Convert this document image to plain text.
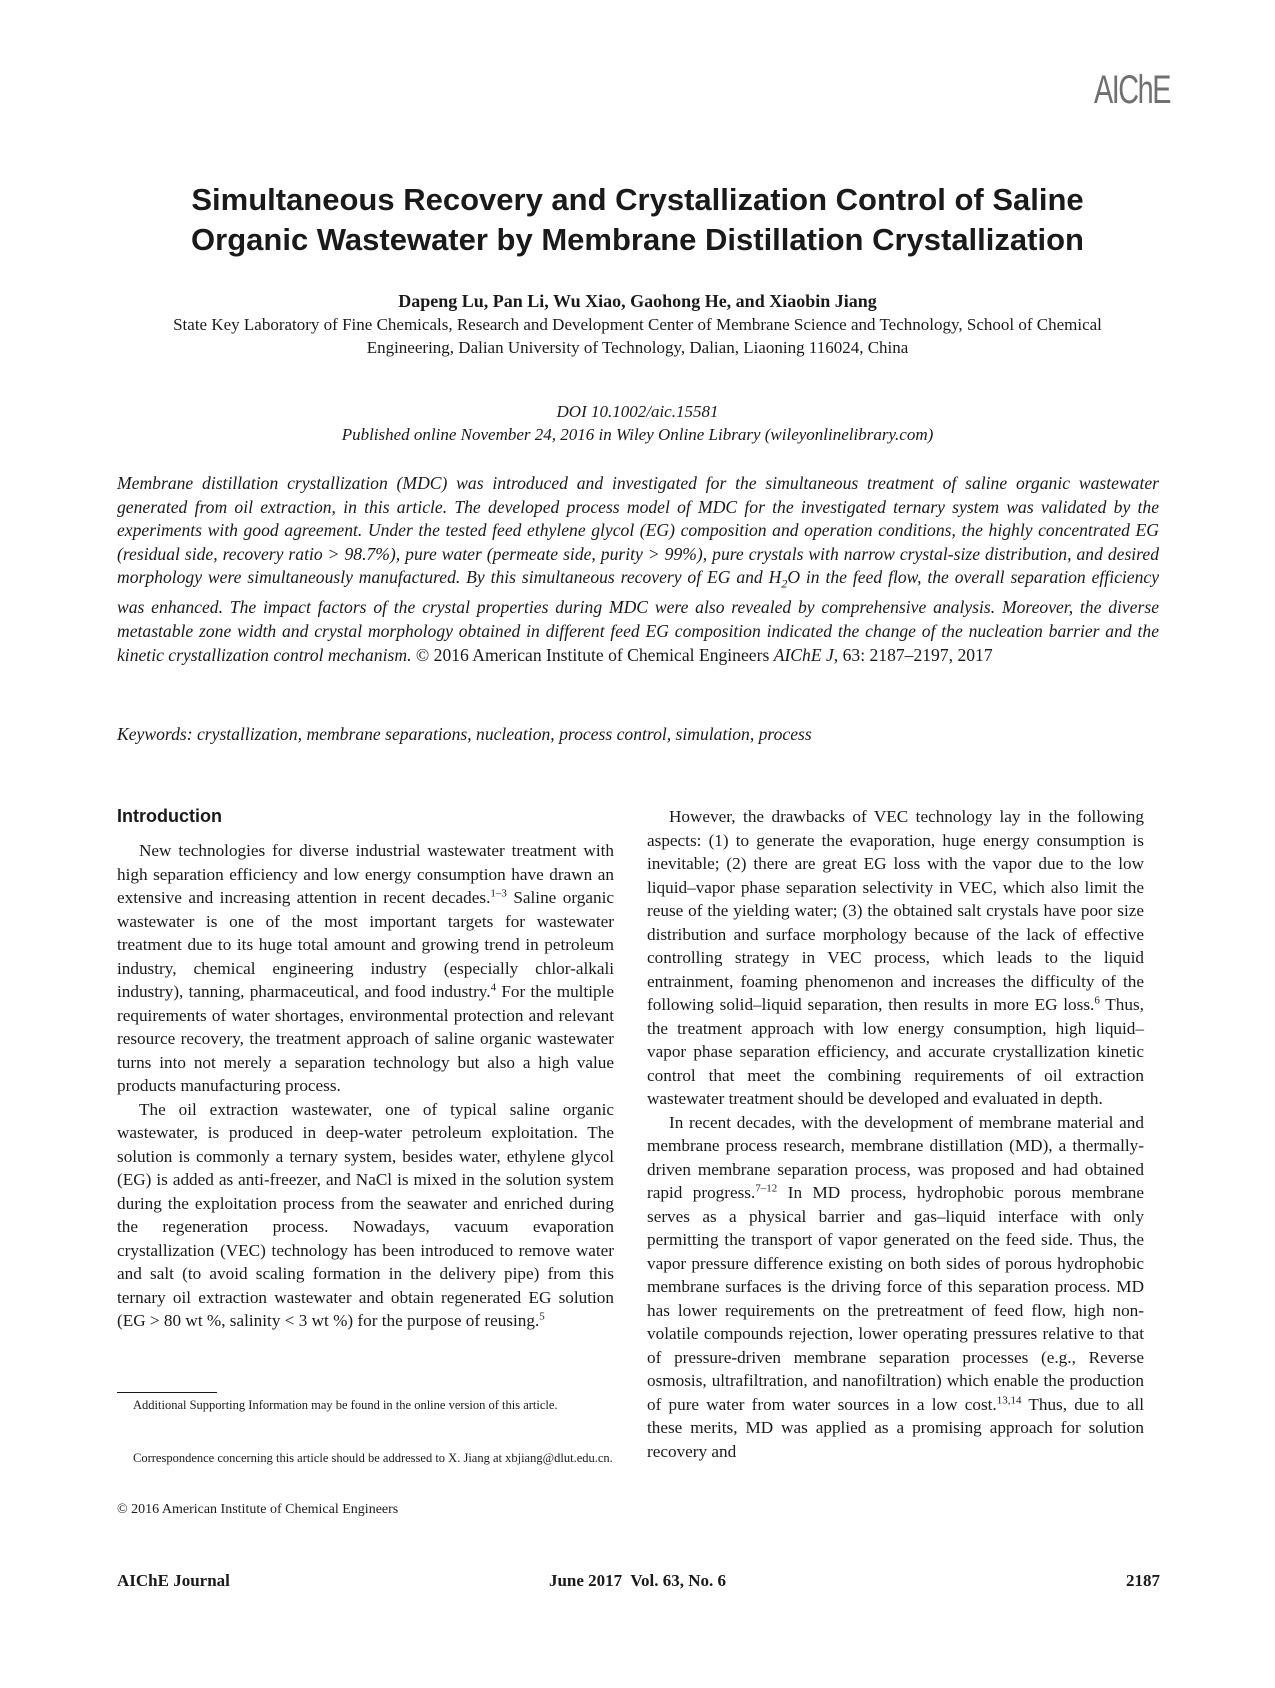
AIChE
Simultaneous Recovery and Crystallization Control of Saline
Organic Wastewater by Membrane Distillation Crystallization
Dapeng Lu, Pan Li, Wu Xiao, Gaohong He, and Xiaobin Jiang
State Key Laboratory of Fine Chemicals, Research and Development Center of Membrane Science and Technology, School of Chemical Engineering, Dalian University of Technology, Dalian, Liaoning 116024, China
DOI 10.1002/aic.15581
Published online November 24, 2016 in Wiley Online Library (wileyonlinelibrary.com)
Membrane distillation crystallization (MDC) was introduced and investigated for the simultaneous treatment of saline organic wastewater generated from oil extraction, in this article. The developed process model of MDC for the investigated ternary system was validated by the experiments with good agreement. Under the tested feed ethylene glycol (EG) composition and operation conditions, the highly concentrated EG (residual side, recovery ratio > 98.7%), pure water (permeate side, purity > 99%), pure crystals with narrow crystal-size distribution, and desired morphology were simultaneously manufactured. By this simultaneous recovery of EG and $H_2O$ in the feed flow, the overall separation efficiency was enhanced. The impact factors of the crystal properties during MDC were also revealed by comprehensive analysis. Moreover, the diverse metastable zone width and crystal morphology obtained in different feed EG composition indicated the change of the nucleation barrier and the kinetic crystallization control mechanism. © 2016 American Institute of Chemical Engineers AIChE J, 63: 2187–2197, 2017
Keywords: crystallization, membrane separations, nucleation, process control, simulation, process
Introduction

New technologies for diverse industrial wastewater treatment with high separation efficiency and low energy consumption have drawn an extensive and increasing attention in recent decades.$^{1-3}$ Saline organic wastewater is one of the most important targets for wastewater treatment due to its huge total amount and growing trend in petroleum industry, chemical engineering industry (especially chlor-alkali industry), tanning, pharmaceutical, and food industry.$^4$ For the multiple requirements of water shortages, environmental protection and relevant resource recovery, the treatment approach of saline organic wastewater turns into not merely a separation technology but also a high value products manufacturing process.

The oil extraction wastewater, one of typical saline organic wastewater, is produced in deep-water petroleum exploitation. The solution is commonly a ternary system, besides water, ethylene glycol (EG) is added as anti-freezer, and NaCl is mixed in the solution system during the exploitation process from the seawater and enriched during the regeneration process. Nowadays, vacuum evaporation crystallization (VEC) technology has been introduced to remove water and salt (to avoid scaling formation in the delivery pipe) from this ternary oil extraction wastewater and obtain regenerated EG solution (EG > 80 wt %, salinity < 3 wt %) for the purpose of reusing.$^5$

Additional Supporting Information may be found in the online version of this article.
Correspondence concerning this article should be addressed to X. Jiang at xbjiang@dlut.edu.cn.
© 2016 American Institute of Chemical Engineers

However, the drawbacks of VEC technology lay in the following aspects: (1) to generate the evaporation, huge energy consumption is inevitable; (2) there are great EG loss with the vapor due to the low liquid–vapor phase separation selectivity in VEC, which also limit the reuse of the yielding water; (3) the obtained salt crystals have poor size distribution and surface morphology because of the lack of effective controlling strategy in VEC process, which leads to the liquid entrainment, foaming phenomenon and increases the difficulty of the following solid–liquid separation, then results in more EG loss.$^6$ Thus, the treatment approach with low energy consumption, high liquid–vapor phase separation efficiency, and accurate crystallization kinetic control that meet the combining requirements of oil extraction wastewater treatment should be developed and evaluated in depth.

In recent decades, with the development of membrane material and membrane process research, membrane distillation (MD), a thermally-driven membrane separation process, was proposed and had obtained rapid progress.$^{7-12}$ In MD process, hydrophobic porous membrane serves as a physical barrier and gas–liquid interface with only permitting the transport of vapor generated on the feed side. Thus, the vapor pressure difference existing on both sides of porous hydrophobic membrane surfaces is the driving force of this separation process. MD has lower requirements on the pretreatment of feed flow, high non-volatile compounds rejection, lower operating pressures relative to that of pressure-driven membrane separation processes (e.g., Reverse osmosis, ultrafiltration, and nanofiltration) which enable the production of pure water from water sources in a low cost.$^{13,14}$ Thus, due to all these merits, MD was applied as a promising approach for solution recovery and

AIChE Journal	June 2017  Vol. 63, No. 6	2187
